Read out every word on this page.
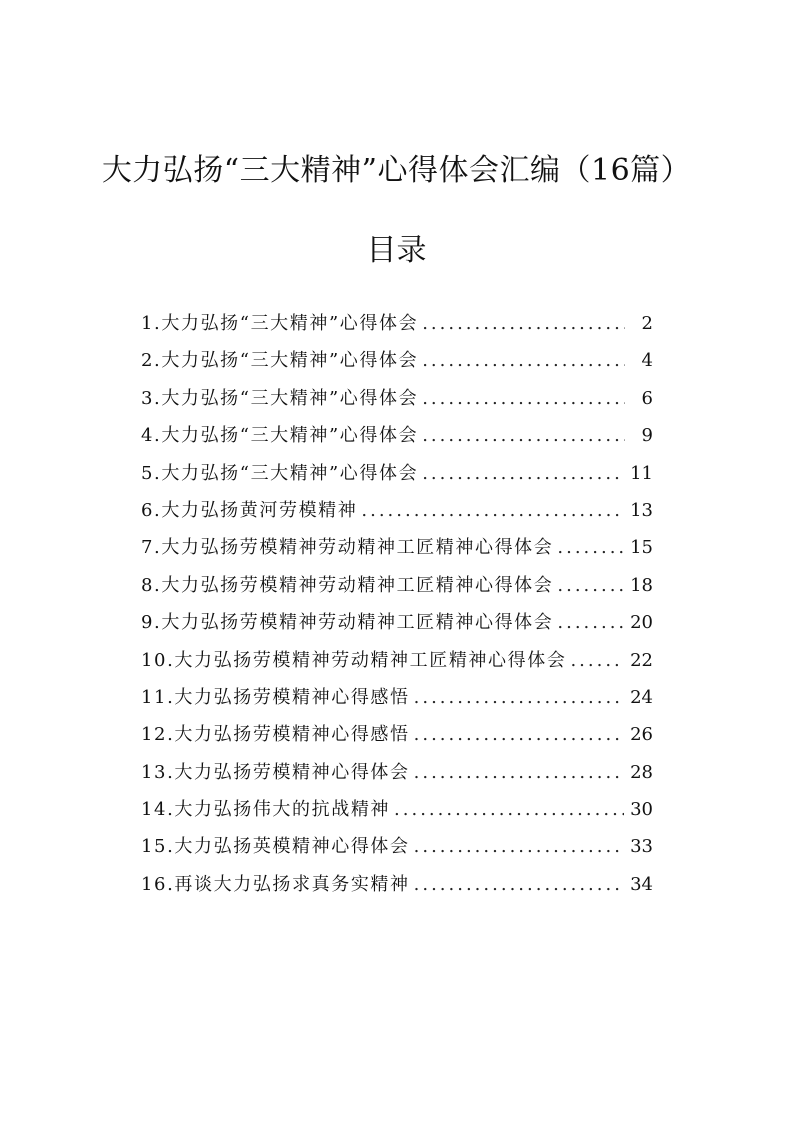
大力弘扬“三大精神”心得体会汇编（16篇）
目录
1.大力弘扬“三大精神”心得体会 .....	2
2.大力弘扬“三大精神”心得体会 .....	4
3.大力弘扬“三大精神”心得体会 .....	6
4.大力弘扬“三大精神”心得体会 .....	9
5.大力弘扬“三大精神”心得体会 .....	11
6.大力弘扬黄河劳模精神 .....	13
7.大力弘扬劳模精神劳动精神工匠精神心得体会 .....	15
8.大力弘扬劳模精神劳动精神工匠精神心得体会 .....	18
9.大力弘扬劳模精神劳动精神工匠精神心得体会 .....	20
10.大力弘扬劳模精神劳动精神工匠精神心得体会 .....	22
11.大力弘扬劳模精神心得感悟 .....	24
12.大力弘扬劳模精神心得感悟 .....	26
13.大力弘扬劳模精神心得体会 .....	28
14.大力弘扬伟大的抗战精神 .....	30
15.大力弘扬英模精神心得体会 .....	33
16.再谈大力弘扬求真务实精神 .....	34
